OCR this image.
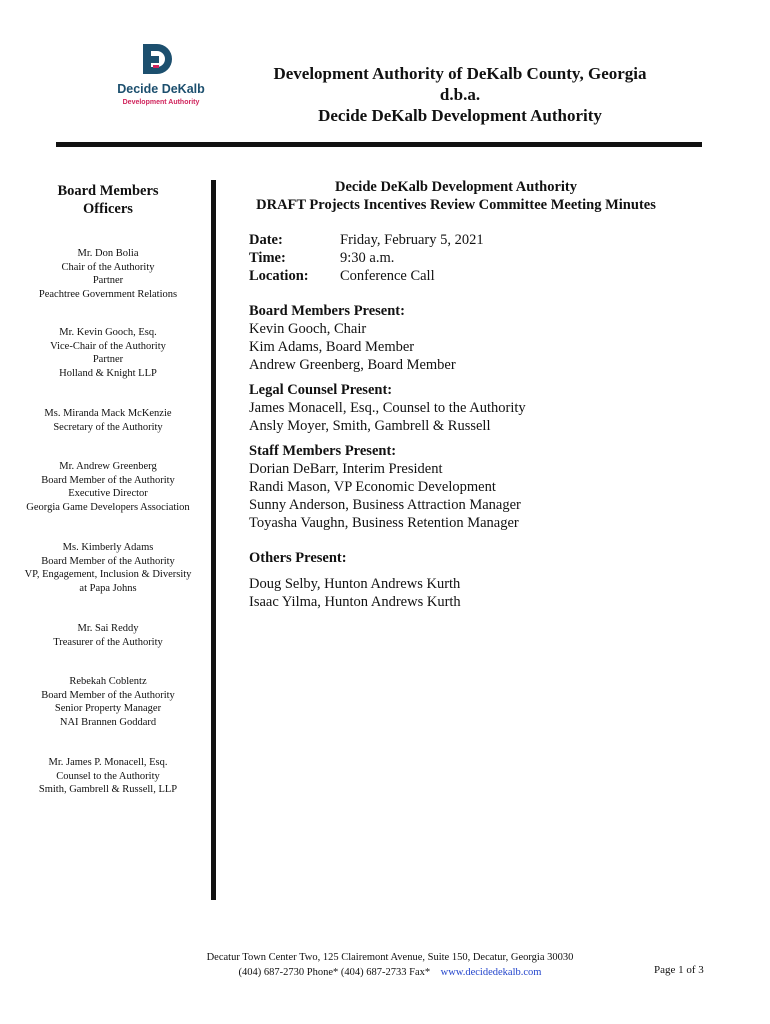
Decide DeKalb
Development Authority
Development Authority of DeKalb County, Georgia
d.b.a.
Decide DeKalb Development Authority
Board Members
Officers
Mr. Don Bolia
Chair of the Authority
Partner
Peachtree Government Relations
Mr. Kevin Gooch, Esq.
Vice-Chair of the Authority
Partner
Holland & Knight LLP
Ms. Miranda Mack McKenzie
Secretary of the Authority
Mr. Andrew Greenberg
Board Member of the Authority
Executive Director
Georgia Game Developers Association
Ms. Kimberly Adams
Board Member of the Authority
VP, Engagement, Inclusion & Diversity
at Papa Johns
Mr. Sai Reddy
Treasurer of the Authority
Rebekah Coblentz
Board Member of the Authority
Senior Property Manager
NAI Brannen Goddard
Mr. James P. Monacell, Esq.
Counsel to the Authority
Smith, Gambrell & Russell, LLP
Decide DeKalb Development Authority
DRAFT Projects Incentives Review Committee Meeting Minutes
Date:	Friday, February 5, 2021
Time:	9:30 a.m.
Location:	Conference Call
Board Members Present:
Kevin Gooch, Chair
Kim Adams, Board Member
Andrew Greenberg, Board Member
Legal Counsel Present:
James Monacell, Esq., Counsel to the Authority
Ansly Moyer, Smith, Gambrell & Russell
Staff Members Present:
Dorian DeBarr, Interim President
Randi Mason, VP Economic Development
Sunny Anderson, Business Attraction Manager
Toyasha Vaughn, Business Retention Manager
Others Present:
Doug Selby, Hunton Andrews Kurth
Isaac Yilma, Hunton Andrews Kurth
Decatur Town Center Two, 125 Clairemont Avenue, Suite 150, Decatur, Georgia 30030
(404) 687-2730 Phone* (404) 687-2733 Fax* www.decidedekalb.com	Page 1 of 3
